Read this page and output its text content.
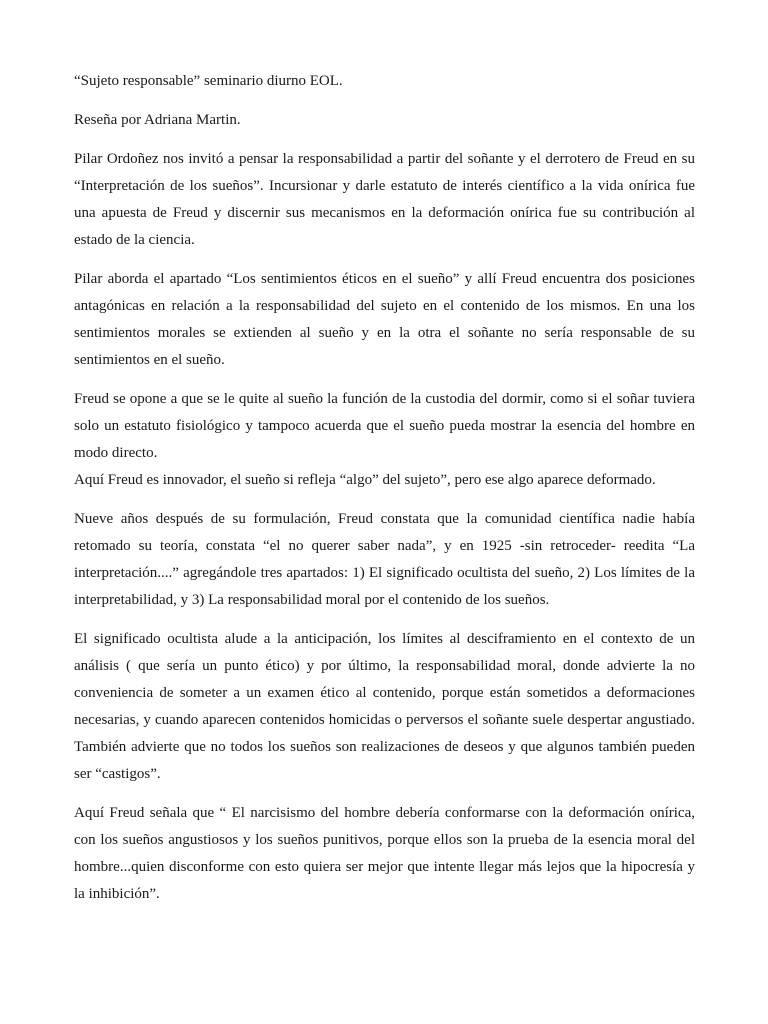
“Sujeto responsable” seminario diurno EOL.

Reseña por Adriana Martin.

Pilar Ordoñez nos invitó a pensar la responsabilidad a partir del soñante y el derrotero de Freud en su “Interpretación de los sueños”. Incursionar y darle estatuto de interés científico a la vida onírica fue una apuesta de Freud y discernir sus mecanismos en la deformación onírica fue su contribución al estado de la ciencia.

Pilar aborda el apartado “Los sentimientos éticos en el sueño” y allí Freud encuentra dos posiciones antagónicas en relación a la responsabilidad del sujeto en el contenido de los mismos. En una los sentimientos morales se extienden al sueño y en la otra el soñante no sería responsable de su sentimientos en el sueño.

Freud se opone a que se le quite al sueño la función de la custodia del dormir, como si el soñar tuviera solo un estatuto fisiológico y tampoco acuerda que el sueño pueda mostrar la esencia del hombre en modo directo.

Aquí Freud es innovador, el sueño si refleja “algo” del sujeto”, pero ese algo aparece deformado.

Nueve años después de su formulación, Freud constata que la comunidad científica nadie había retomado su teoría, constata “el no querer saber nada”, y en 1925 -sin retroceder- reedita “La interpretación....” agregándole tres apartados: 1) El significado ocultista del sueño, 2) Los límites de la interpretabilidad, y 3) La responsabilidad moral por el contenido de los sueños.

El significado ocultista alude a la anticipación, los límites al desciframiento en el contexto de un análisis ( que sería un punto ético) y por último, la responsabilidad moral, donde advierte la no conveniencia de someter a un examen ético al contenido, porque están sometidos a deformaciones necesarias, y cuando aparecen contenidos homicidas o perversos el soñante suele despertar angustiado. También advierte que no todos los sueños son realizaciones de deseos y que algunos también pueden ser “castigos”.

Aquí Freud señala que “ El narcisismo del hombre debería conformarse con la deformación onírica, con los sueños angustiosos y los sueños punitivos, porque ellos son la prueba de la esencia moral del hombre...quien disconforme con esto quiera ser mejor que intente llegar más lejos que la hipocresía y la inhibición”.
